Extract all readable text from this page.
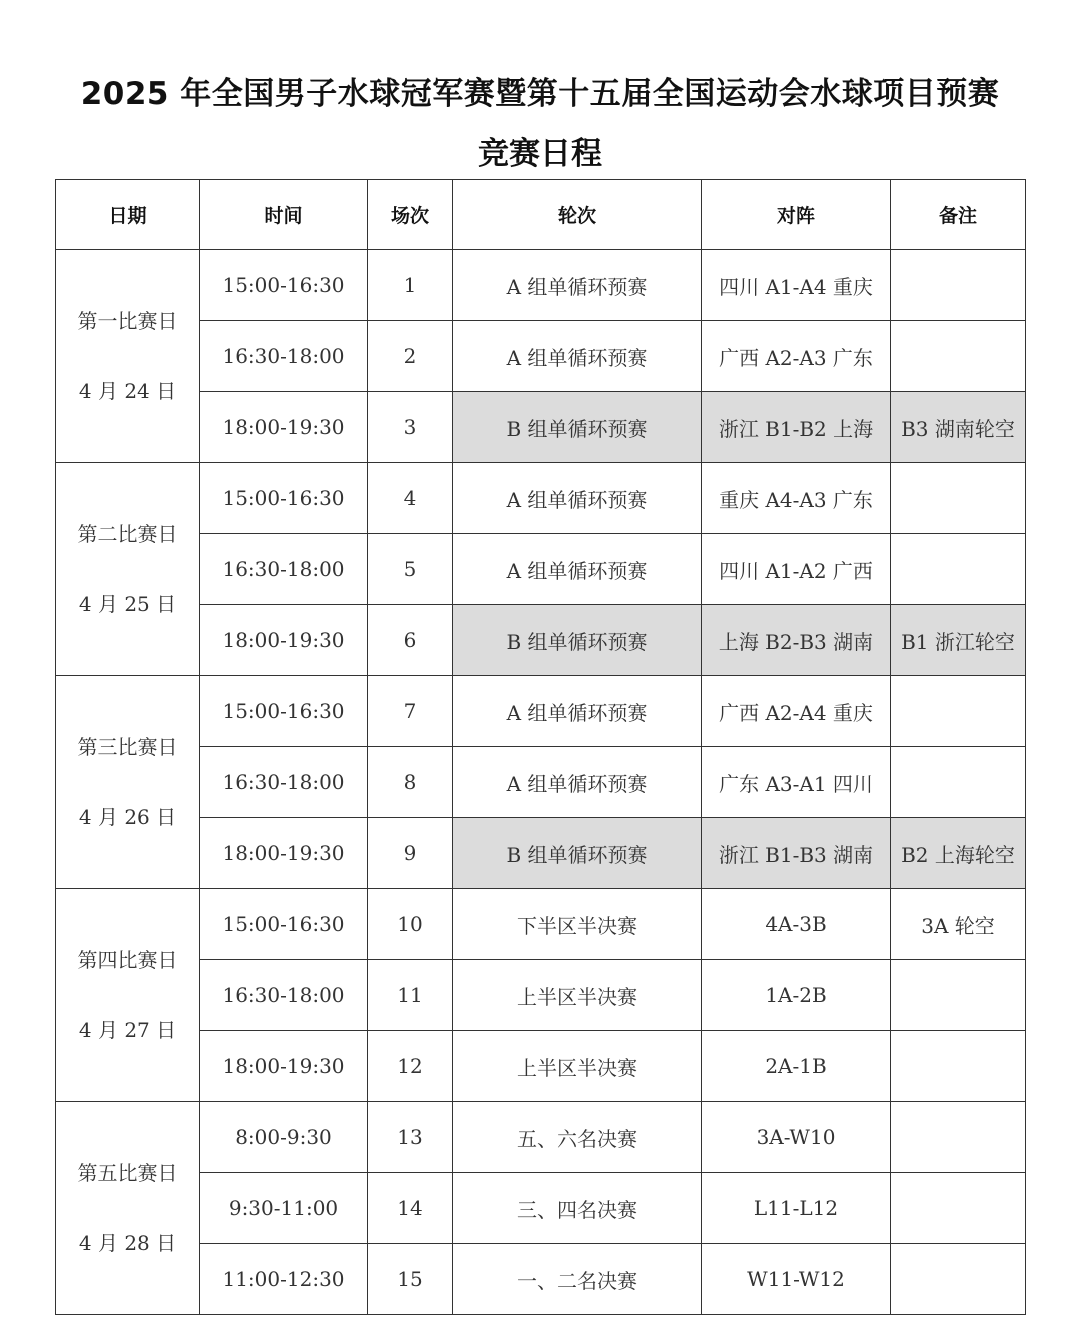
2025 年全国男子水球冠军赛暨第十五届全国运动会水球项目预赛
竞赛日程
日期	时间	场次	轮次	对阵	备注

第一比赛日
4 月 24 日	15:00-16:30	1	A 组单循环预赛	四川 A1-A4 重庆	
	16:30-18:00	2	A 组单循环预赛	广西 A2-A3 广东	
	18:00-19:30	3	B 组单循环预赛	浙江 B1-B2 上海	B3 湖南轮空

第二比赛日
4 月 25 日	15:00-16:30	4	A 组单循环预赛	重庆 A4-A3 广东	
	16:30-18:00	5	A 组单循环预赛	四川 A1-A2 广西	
	18:00-19:30	6	B 组单循环预赛	上海 B2-B3 湖南	B1 浙江轮空

第三比赛日
4 月 26 日	15:00-16:30	7	A 组单循环预赛	广西 A2-A4 重庆	
	16:30-18:00	8	A 组单循环预赛	广东 A3-A1 四川	
	18:00-19:30	9	B 组单循环预赛	浙江 B1-B3 湖南	B2 上海轮空

第四比赛日
4 月 27 日	15:00-16:30	10	下半区半决赛	4A-3B	3A 轮空
	16:30-18:00	11	上半区半决赛	1A-2B	
	18:00-19:30	12	上半区半决赛	2A-1B	

第五比赛日
4 月 28 日	8:00-9:30	13	五、六名决赛	3A-W10	
	9:30-11:00	14	三、四名决赛	L11-L12	
	11:00-12:30	15	一、二名决赛	W11-W12	
